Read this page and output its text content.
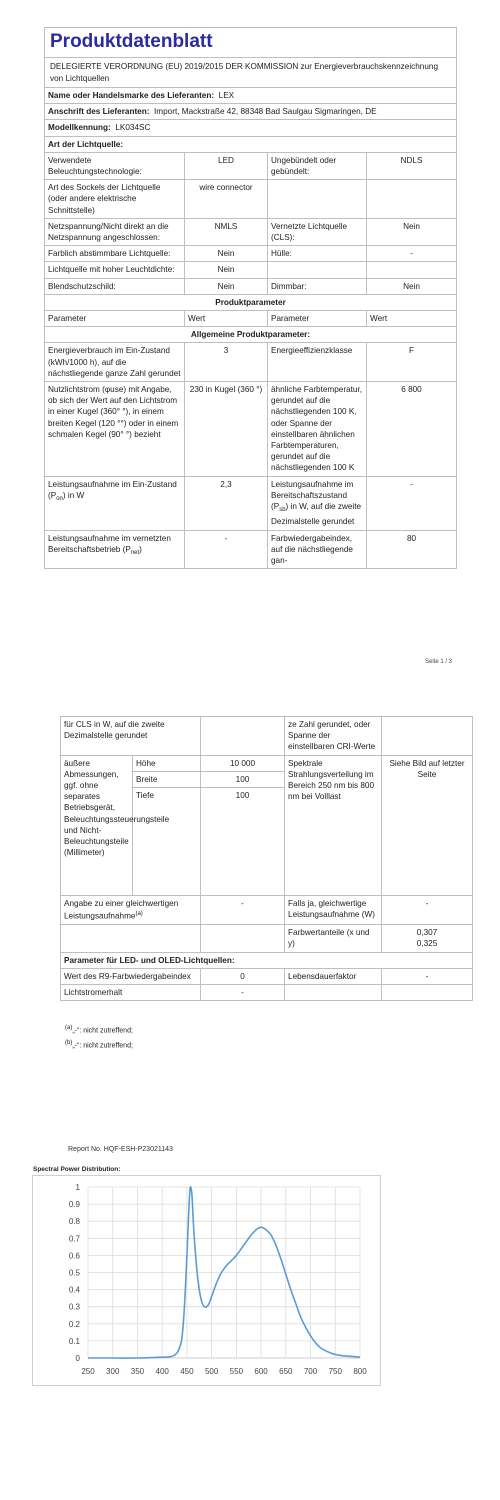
Produktdatenblatt			
DELEGIERTE VERORDNUNG (EU) 2019/2015 DER KOMMISSION zur Energieverbrauchskennzeichnung von Lichtquellen			
Name oder Handelsmarke des Lieferanten: LEX			
Anschrift des Lieferanten: Import, Mackstraße 42, 88348 Bad Saulgau Sigmaringen, DE			
Modellkennung: LK034SC			
Art der Lichtquelle:			
Verwendete Beleuchtungstechnologie:	LED	Ungebündelt oder gebündelt:	NDLS
Art des Sockels der Lichtquelle (oder andere elektrische Schnittstelle)	wire connector		
Netzspannung/Nicht direkt an die Netzspannung angeschlossen:	NMLS	Vernetzte Lichtquelle (CLS):	Nein
Farblich abstimmbare Lichtquelle:	Nein	Hülle:	-
Lichtquelle mit hoher Leuchtdichte:	Nein		
Blendschutzschild:	Nein	Dimmbar:	Nein
Produktparameter			
Parameter	Wert	Parameter	Wert
Allgemeine Produktparameter:			
Energieverbrauch im Ein-Zustand (kWh/1000 h), auf die nächstliegende ganze Zahl gerundet	3	Energieeffizienzklasse	F
Nutzlichtstrom (φuse) mit Angabe, ob sich der Wert auf den Lichtstrom in einer Kugel (360° °), in einem breiten Kegel (120 °°) oder in einem schmalen Kegel (90° °) bezieht	230 in Kugel (360 °)	ähnliche Farbtemperatur, gerundet auf die nächstliegenden 100 K, oder Spanne der einstellbaren ähnlichen Farbtemperaturen, gerundet auf die nächstliegenden 100 K	6 800
Leistungsaufnahme im Ein-Zustand $(P_{on})$ in W	2,3	Leistungsaufnahme im Bereitschaftszustand $(P_{sb})$ in W, auf die zweite Dezimalstelle gerundet	-
Leistungsaufnahme im vernetzten Bereitschaftsbetrieb $(P_{net})$	-	Farbwiedergabeindex, auf die nächstliegende gan-	80
Seite 1 / 3
für CLS in W, auf die zweite Dezimalstelle gerundet			ze Zahl gerundet, oder Spanne der einstellbaren CRI-Werte	
äußere Abmessungen, ggf. ohne separates Betriebsgerät, Beleuchtungssteuerungsteile und Nicht-Beleuchtungsteile (Millimeter)	Höhe	10 000	Spektrale Strahlungsverteilung im Bereich 250 nm bis 800 nm bei Volllast	Siehe Bild auf letzter Seite
	Breite	100		
	Tiefe	100		
Angabe zu einer gleichwertigen Leistungsaufnahme$^{(a)}$		-	Falls ja, gleichwertige Leistungsaufnahme (W)	-
			Farbwertanteile (x und y)	0,307
0,325

Parameter für LED- und OLED-Lichtquellen:				
Wert des R9-Farbwiedergabeindex		0	Lebensdauerfaktor	-
Lichtstromerhalt		-		
$^{(a)}$„-“: nicht zutreffend;
$^{(b)}$„-“: nicht zutreffend;
Report No. HQF-ESH-P23021143
Spectral Power Distribution:
0
0.1
0.2
0.3
0.4
0.5
0.6
0.7
0.8
0.9
1
250 300 350 400 450 500 550 600 650 700 750 800
